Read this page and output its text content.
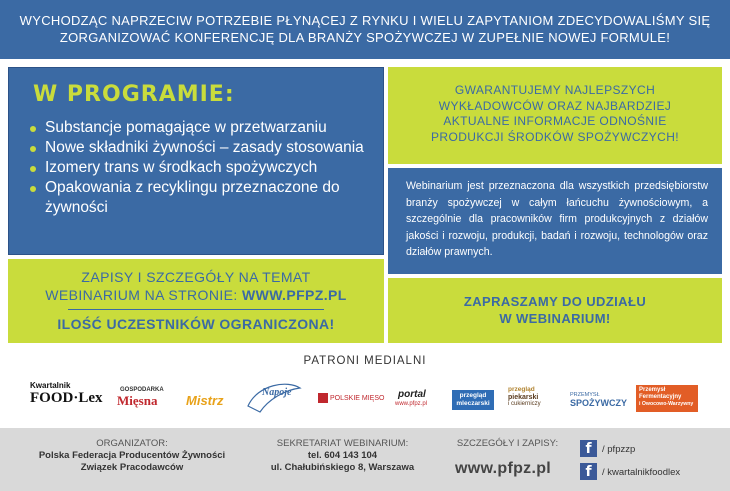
WYCHODZĄC NAPRZECIW POTRZEBIE PŁYNĄCEJ Z RYNKU I WIELU ZAPYTANIOM ZDECYDOWALIŚMY SIĘ
ZORGANIZOWAĆ KONFERENCJĘ DLA BRANŻY SPOŻYWCZEJ W ZUPEŁNIE NOWEJ FORMULE!
W PROGRAMIE:
Substancje pomagające w przetwarzaniu
Nowe składniki żywności – zasady stosowania
Izomery trans w środkach spożywczych
Opakowania z recyklingu przeznaczone do żywności
ZAPISY I SZCZEGÓŁY NA TEMAT
WEBINARIUM NA STRONIE: WWW.PFPZ.PL
ILOŚĆ UCZESTNIKÓW OGRANICZONA!
GWARANTUJEMY NAJLEPSZYCH
WYKŁADOWCÓW ORAZ NAJBARDZIEJ
AKTUALNE INFORMACJE ODNOŚNIE
PRODUKCJI ŚRODKÓW SPOŻYWCZYCH!

Webinarium jest przeznaczona dla wszystkich przedsiębiorstw branży spożywczej w całym łańcuchu żywnościowym, a szczególnie dla pracowników firm produkcyjnych z działów jakości i rozwoju, produkcji, badań i rozwoju, technologów oraz działów prawnych.

ZAPRASZAMY DO UDZIAŁU
W WEBINARIUM!
PATRONI MEDIALNI
Kwartalnik
FOOD·Lex	GOSPODARKA
Mięsna Mistrz
Napoje
POLSKIE MIĘSO portal
www.pfpz.pl
przegląd
mleczarski
przegląd
piekarski
i cukierniczy
PRZEMYSŁ
SPOŻYWCZY
Przemysł
Fermentacyjny
i Owocowo-Warzywny
ORGANIZATOR:
Polska Federacja Producentów Żywności
Związek Pracodawców
SEKRETARIAT WEBINARIUM:
tel. 604 143 104
ul. Chałubińskiego 8, Warszawa
SZCZEGÓŁY I ZAPISY:
www.pfpz.pl
f	/ pfpzzp
f	/ kwartalnikfoodlex
